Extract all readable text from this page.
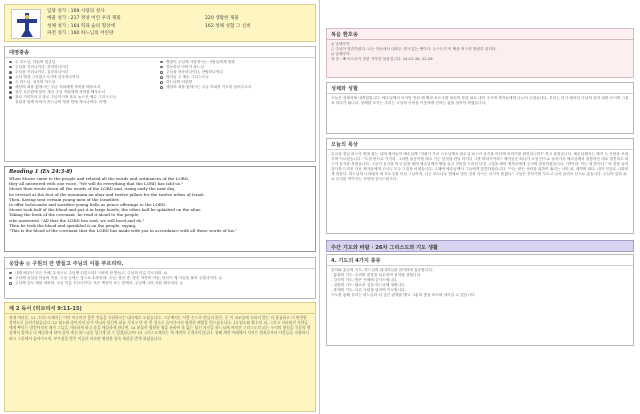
입당 성가 : 169 사랑의 성사
예물 성가 : 217 정성 어린 우리 제물
성체 성가 : 164 떡과 술의 형상에
파견 성가 : 160 하느님의 어린양
220 생활한 제물
162 성체 성혈 그 신비
대영광송
주 하느님, 하늘의 임금님	영광이 주님께 사랑하시는 사람들에게 평화
주님을 기리나이다, 찬미하나이다	전능하신 아버지 하느님
주님을 기리나이다, 흠숭하나이다	주님을 찬송하나이다, 찬양하나이다
주님 영광 그지없으시기에 감사하나이다	외아들 주 예수 그리스도님
주 하느님, 성부의 아드님	하느님의 어린양
세상의 죄를 없애시는 주님 저희에게 자비를 베푸소서	세상의 죄를 없애시는 주님 저희의 기도를 들어주소서
성부 오른편에 앉아 계신 주님 저희에게 자비를 베푸소서
홀로 거룩하시고 홀로 주님이시며 홀로 높으신 예수 그리스도님
성령과 함께 아버지 하느님의 영광 안에 계시나이다. 아멘.
Reading 1 (Ex 24:3-8)
When Moses came to the people and related all the words and ordinances of the LORD,
they all answered with one voice, "We will do everything that the LORD has told us."
Moses then wrote down all the words of the LORD and, rising early the next day,
he erected at the foot of the mountain an altar and twelve pillars for the twelve tribes of Israel.
Then, having sent certain young men of the Israelites
to offer holocausts and sacrifice young bulls as peace offerings to the LORD,
Moses took half of the blood and put it in large bowls; the other half he splashed on the altar.
Taking the book of the covenant, he read it aloud to the people,
who answered, "All that the LORD has said, we will heed and do."
Then he took the blood and sprinkled it on the people, saying,
"This is the blood of the covenant that the LORD has made with you in accordance with all these words of his."
응답송 ◎ 구원의 잔 받들고 주님의 이름 부르리라.
내게 베푸신 모든 은혜, 무엇으로 주님께 되갚으랴? 구원의 잔 받들고, 주님의 이름 부르리라. ◎
주님께 성실한 이들의 죽음, 주님 눈에는 참으로 소중하네. 주님, 당신 종, 당신 여종의 아들, 당신이 제 사슬을 풀어 주셨나이다. ◎
주님께 감사 제물 바치며, 주님 이름 부르나이다. 모든 백성이 보는 앞에서, 주님께 나의 서원 채우리라. ◎
제 2 독서 (히브리서 9:11-15)
형제 여러분, 11 그리스도께서는 이미 이루어진 좋은 것들을 주관하시는 대사제로 오셨습니다. 그분께서는 사람 손으로 만들지 않은, 곧 이 피조물에 속하지 않는 더 훌륭하고 더 완전한 성막으로 들어가셨습니다. 12 염소와 송아지의 피가 아니라 당신의 피를 가지고 단 한 번 성소로 들어가시어 영원한 해방을 얻으셨습니다. 13 염소와 황소의 피, 그리고 더러워진 사람들에게 뿌리는 암송아지의 재가 그들을 거룩하게 하고 몸을 깨끗하게 한다면, 14 하물며 영원한 영을 통하여 흠 없는 당신 자신을 하느님께 바치신 그리스도의 피는 우리의 양심을 죽음의 행실에서 얼마나 더 깨끗하게 하여 살아 계신 하느님을 섬기게 할 수 있겠습니까? 15 그리스도께서는 새 계약의 중개자이십니다. 첫째 계약 아래에서 저지른 범죄로부터 사람들을 속량하시려고 그분께서 돌아가시어, 부르심을 받은 이들이 약속된 영원한 상속 재산을 받게 하셨습니다.
복음 환호송
◎ 알렐루야
○ 주님이 말씀하셨다. 나는 하늘에서 내려온 살아 있는 빵이다. 누구든지 이 빵을 먹으면 영원히 살리라.
◎ 알렐루야.
복 음 : ✠ 마르코가 전한 거룩한 복음입니다. 14:12-16, 22-26
성체와 성혈
오늘은 성체성혈 대축일입니다. 예수님께서 마지막 만찬 때 빵과 포도주를 당신의 몸과 피로 내어 주시며 제자들에게 나누어 주셨습니다. 우리는 미사 때마다 주님의 살과 피를 모시며 그분과 하나가 됩니다. 성체를 모시는 우리는 주님의 사랑을 이웃에게 전하는 삶을 살아야 하겠습니다.
오늘의 묵상
무교절 첫날 파스카 양을 잡는 날에 제자들이 예수님께 "저희가 가서 스승님께서 잡수실 파스카 음식을 어디에 차리기를 원하십니까?" 하고 물었습니다. 예수님께서는 제자 두 사람을 보내시며 이르셨습니다. "도성 안으로 가거라. 그러면 물동이를 메고 가는 남자를 만날 터이니 그를 따라가거라." 제자들은 떠나가 도성 안으로 들어가서 예수님께서 말씀하신 대로 발견하고 파스카 음식을 차렸습니다. 그들이 음식을 먹고 있을 때에 예수님께서 빵을 들고 찬미를 드리신 다음 그것을 떼어 제자들에게 주시며 말씀하셨습니다. "받아라. 이는 내 몸이다." 또 잔을 들어 감사를 드리신 다음 제자들에게 주시니 모두 그것을 마셨습니다. 그때에 예수님께서 그들에게 말씀하셨습니다. "이는 많은 사람을 위하여 흘리는 나의 피, 계약의 피다. 내가 진실로 너희에게 말한다. 하느님의 나라에서 새 포도주를 마실 그날까지, 나는 포도나무 열매로 빚은 것을 다시는 마시지 않겠다." 그들은 찬미가를 부르고 나서 올리브 산으로 갔습니다. 주님의 살과 피로 우리를 먹이시는 사랑에 감사드립시다.
주간 기도와 바람 · 26차 그리스도와 기도 생활
4. 기도의 4가지 종류
찬미와 흠숭의 기도: 하느님의 위대하심을 찬미하며 흠숭합니다.
- 통회의 기도: 우리의 잘못을 뉘우치며 용서를 청합니다.
- 감사의 기도: 받은 은혜에 감사드립니다.
- 청원의 기도: 필요한 것을 하느님께 청합니다.
- 중재의 기도: 다른 사람을 위하여 기도합니다.
기도를 통해 우리는 하느님과 더 깊은 관계를 맺고 그분의 뜻을 따르며 살아갈 수 있습니다.
